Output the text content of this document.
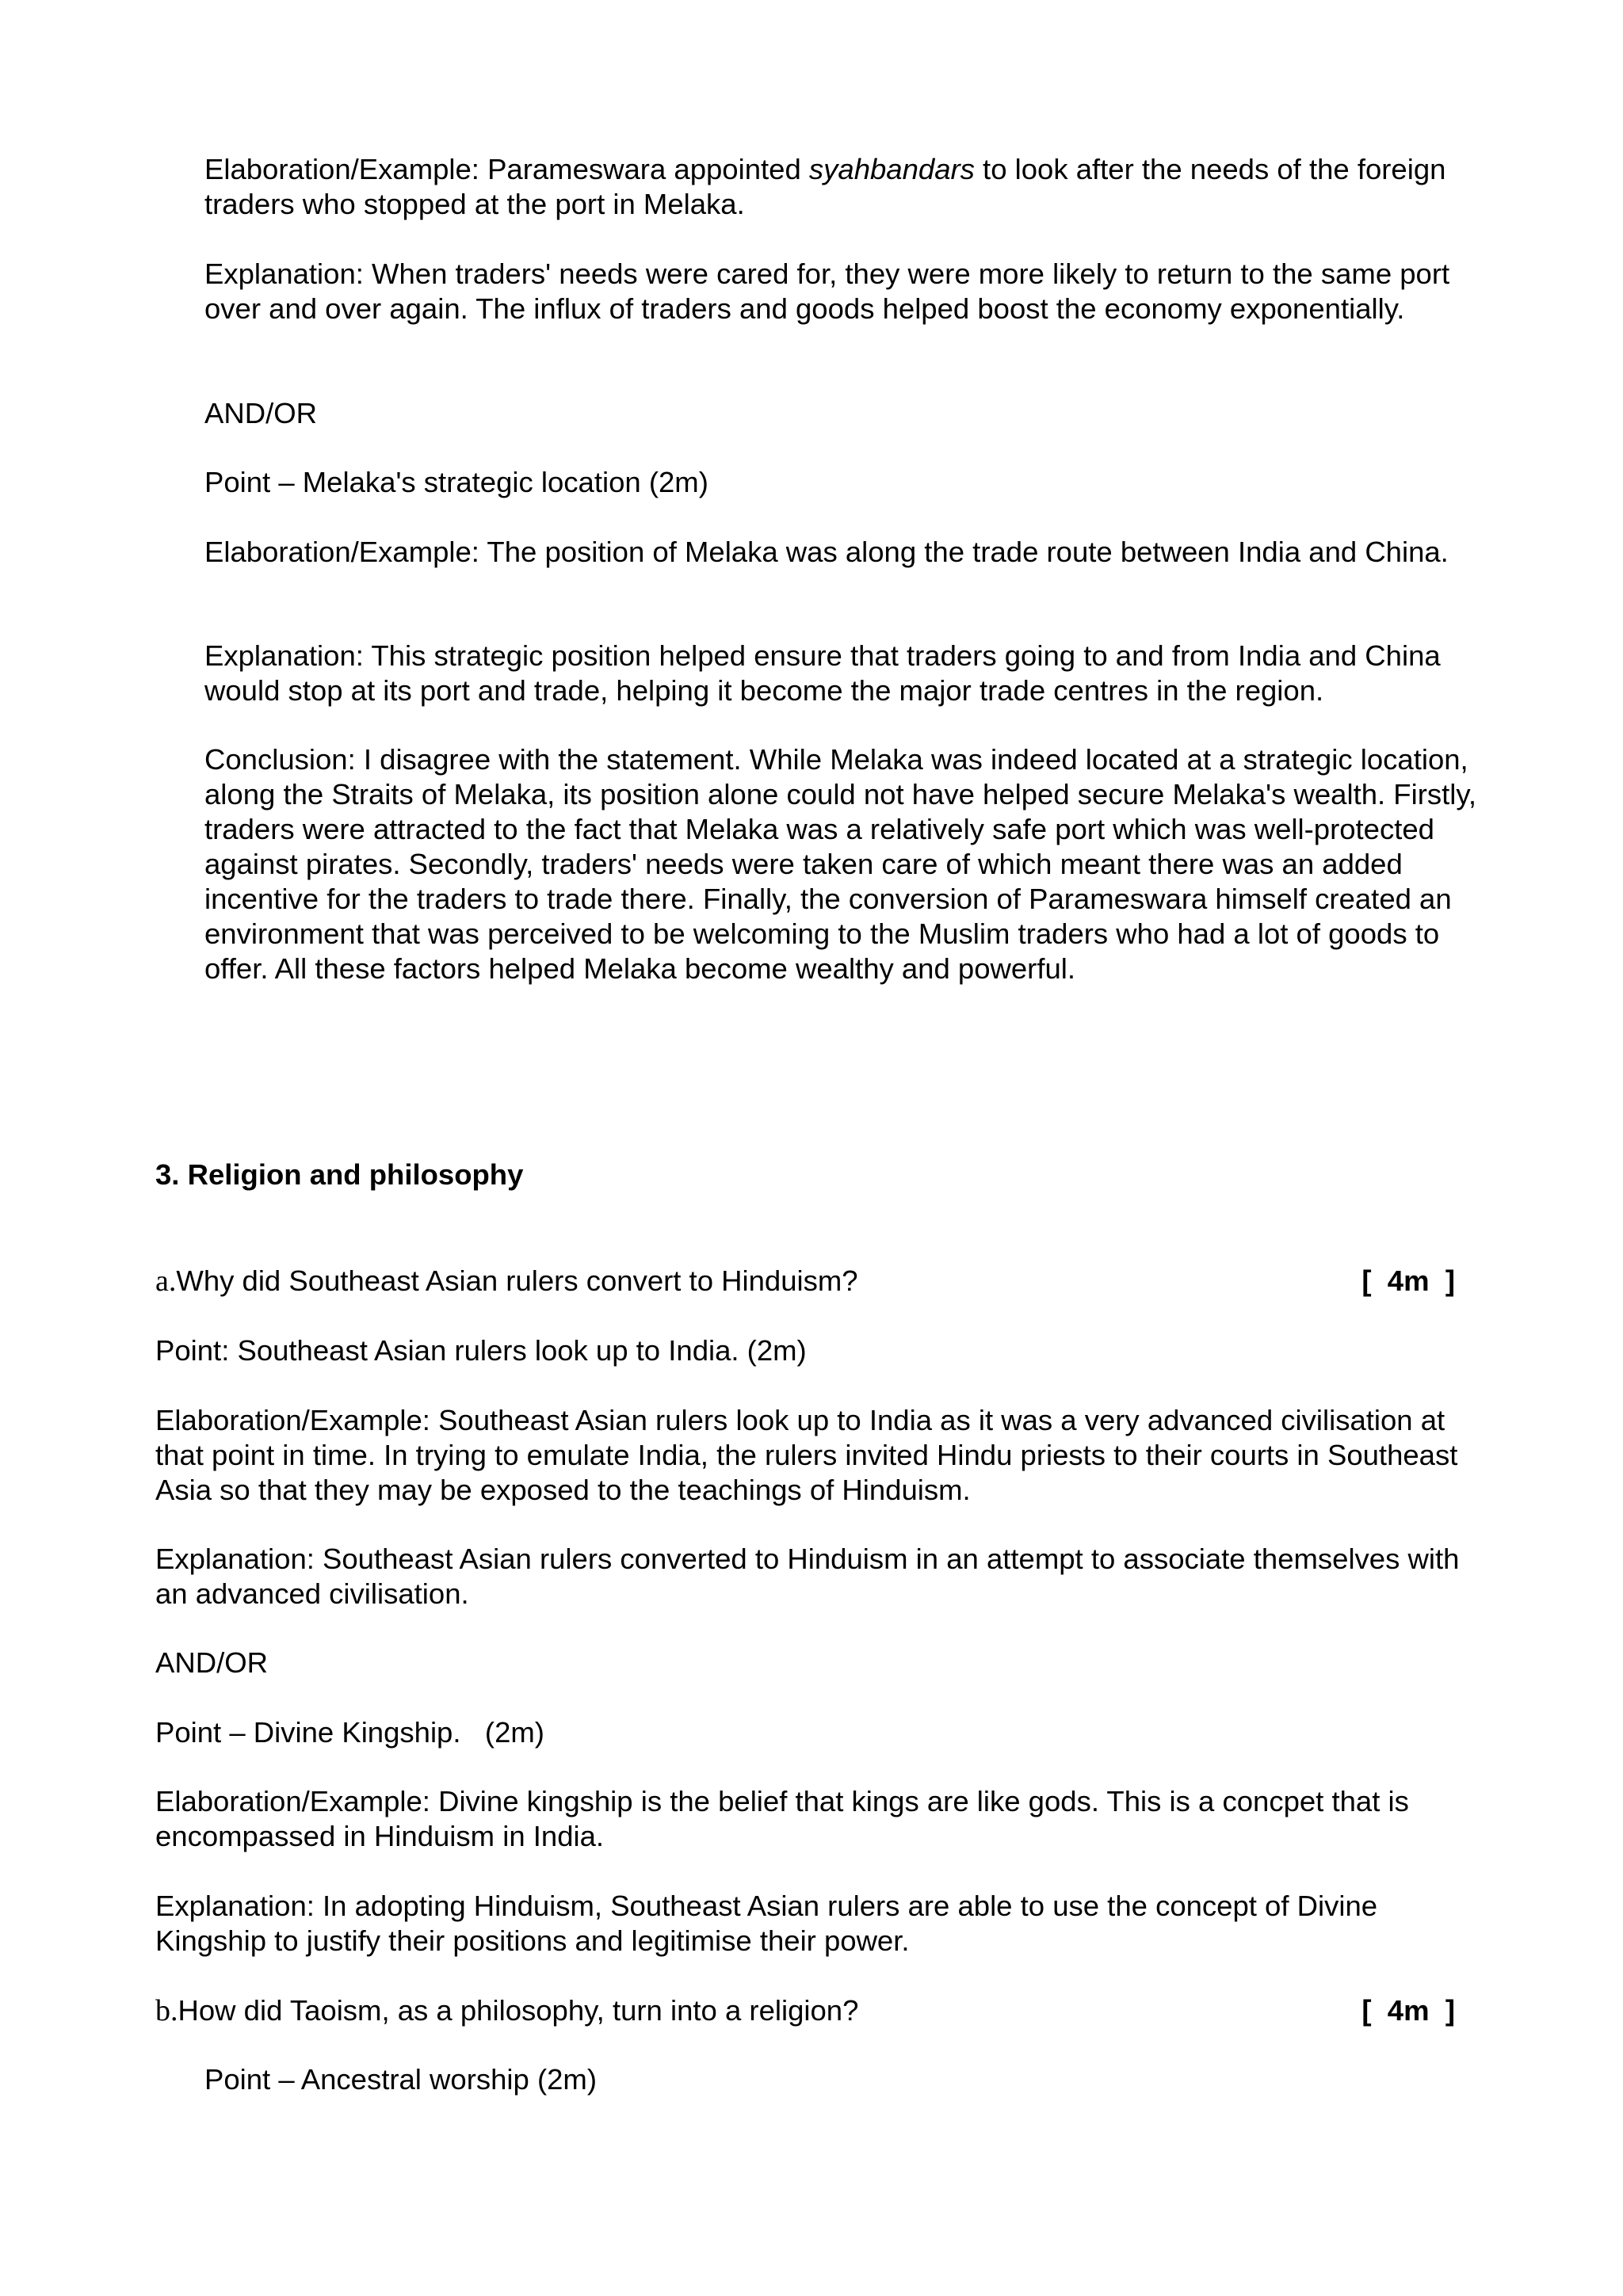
Elaboration/Example: Parameswara appointed syahbandars to look after the needs of the foreign traders who stopped at the port in Melaka.

Explanation: When traders' needs were cared for, they were more likely to return to the same port over and over again. The influx of traders and goods helped boost the economy exponentially.

AND/OR

Point – Melaka's strategic location (2m)

Elaboration/Example: The position of Melaka was along the trade route between India and China.

Explanation: This strategic position helped ensure that traders going to and from India and China would stop at its port and trade, helping it become the major trade centres in the region.

Conclusion: I disagree with the statement. While Melaka was indeed located at a strategic location, along the Straits of Melaka, its position alone could not have helped secure Melaka's wealth. Firstly, traders were attracted to the fact that Melaka was a relatively safe port which was well-protected against pirates. Secondly, traders' needs were taken care of which meant there was an added incentive for the traders to trade there. Finally, the conversion of Parameswara himself created an environment that was perceived to be welcoming to the Muslim traders who had a lot of goods to offer. All these factors helped Melaka become wealthy and powerful.

3. Religion and philosophy

a.Why did Southeast Asian rulers convert to Hinduism?	[  4m  ]

Point: Southeast Asian rulers look up to India. (2m)

Elaboration/Example: Southeast Asian rulers look up to India as it was a very advanced civilisation at that point in time. In trying to emulate India, the rulers invited Hindu priests to their courts in Southeast Asia so that they may be exposed to the teachings of Hinduism.

Explanation: Southeast Asian rulers converted to Hinduism in an attempt to associate themselves with an advanced civilisation.

AND/OR

Point – Divine Kingship.   (2m)

Elaboration/Example: Divine kingship is the belief that kings are like gods. This is a concpet that is encompassed in Hinduism in India.

Explanation: In adopting Hinduism, Southeast Asian rulers are able to use the concept of Divine Kingship to justify their positions and legitimise their power.

b.How did Taoism, as a philosophy, turn into a religion?	[  4m  ]

Point – Ancestral worship (2m)
